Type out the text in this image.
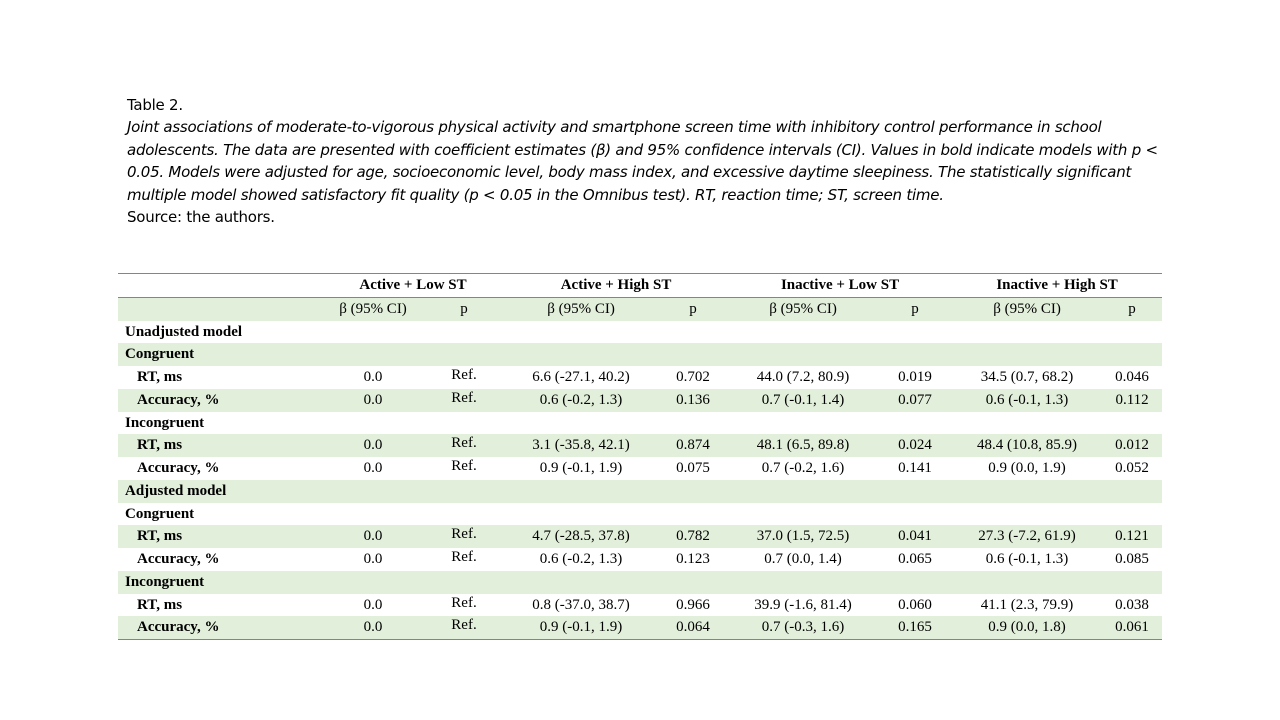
Table 2.
Joint associations of moderate-to-vigorous physical activity and smartphone screen time with inhibitory control performance in school adolescents. The data are presented with coefficient estimates (β) and 95% confidence intervals (CI). Values in bold indicate models with p < 0.05. Models were adjusted for age, socioeconomic level, body mass index, and excessive daytime sleepiness. The statistically significant multiple model showed satisfactory fit quality (p < 0.05 in the Omnibus test). RT, reaction time; ST, screen time.
Source: the authors.
	Active + Low ST		Active + High ST		Inactive + Low ST		Inactive + High ST	
	β (95% CI)	p	β (95% CI)	p	β (95% CI)	p	β (95% CI)	p
Unadjusted model								
Congruent								
RT, ms	0.0	Ref.	6.6 (-27.1, 40.2)	0.702	44.0 (7.2, 80.9)	0.019	34.5 (0.7, 68.2)	0.046
Accuracy, %	0.0	Ref.	0.6 (-0.2, 1.3)	0.136	0.7 (-0.1, 1.4)	0.077	0.6 (-0.1, 1.3)	0.112
Incongruent								
RT, ms	0.0	Ref.	3.1 (-35.8, 42.1)	0.874	48.1 (6.5, 89.8)	0.024	48.4 (10.8, 85.9)	0.012
Accuracy, %	0.0	Ref.	0.9 (-0.1, 1.9)	0.075	0.7 (-0.2, 1.6)	0.141	0.9 (0.0, 1.9)	0.052
Adjusted model								
Congruent								
RT, ms	0.0	Ref.	4.7 (-28.5, 37.8)	0.782	37.0 (1.5, 72.5)	0.041	27.3 (-7.2, 61.9)	0.121
Accuracy, %	0.0	Ref.	0.6 (-0.2, 1.3)	0.123	0.7 (0.0, 1.4)	0.065	0.6 (-0.1, 1.3)	0.085
Incongruent								
RT, ms	0.0	Ref.	0.8 (-37.0, 38.7)	0.966	39.9 (-1.6, 81.4)	0.060	41.1 (2.3, 79.9)	0.038
Accuracy, %	0.0	Ref.	0.9 (-0.1, 1.9)	0.064	0.7 (-0.3, 1.6)	0.165	0.9 (0.0, 1.8)	0.061
